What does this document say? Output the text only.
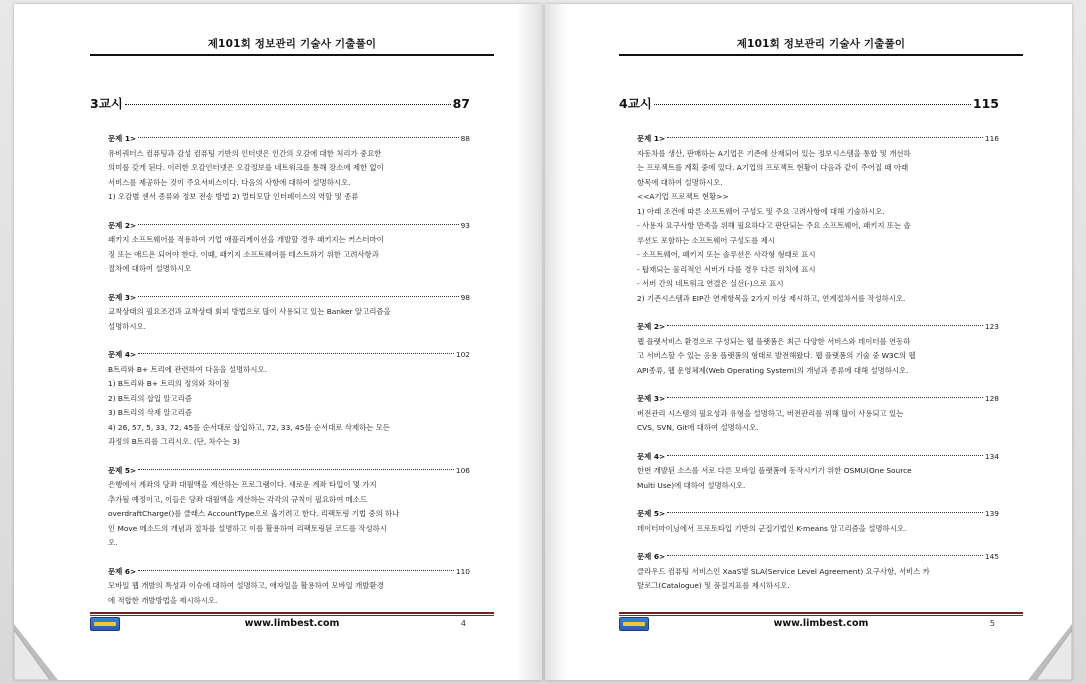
제101회 정보관리 기술사 기출풀이
3교시	87
문제 1>	88
유비쿼터스 컴퓨팅과 감성 컴퓨팅 기반의 인터넷은 인간의 오감에 대한 처리가 중요한
의미를 갖게 된다. 이러한 오감인터넷은 오감정보를 네트워크를 통해 장소에 제한 없이
서비스를 제공하는 것이 주요서비스이다. 다음의 사항에 대하여 설명하시오.
1) 오감별 센서 종류와 정보 전송 방법 2) 멀티모달 인터페이스의 역할 및 종류
문제 2>	93
패키지 소프트웨어를 적용하여 기업 애플리케이션을 개발할 경우 패키지는 커스터마이
징 또는 애드온 되어야 한다. 이때, 패키지 소프트웨어를 테스트하기 위한 고려사항과
절차에 대하여 설명하시오
문제 3>	98
교착상태의 필요조건과 교착상태 회피 방법으로 많이 사용되고 있는 Banker 알고리즘을
설명하시오.
문제 4>	102
B트리와 B+ 트리에 관련하여 다음을 설명하시오.
1) B트리와 B+ 트리의 정의와 차이점
2) B트리의 삽입 알고리즘
3) B트리의 삭제 알고리즘
4) 26, 57, 5, 33, 72, 45를 순서대로 삽입하고, 72, 33, 45를 순서대로 삭제하는 모든
과정의 B트리를 그리시오. (단, 차수는 3)
문제 5>	106
은행에서 계좌의 당좌 대월액을 계산하는 프로그램이다. 새로운 계좌 타입이 몇 가지
추가될 예정이고, 이들은 당좌 대월액을 계산하는 각각의 규칙이 필요하여 메소드
overdraftCharge()를 클래스 AccountType으로 옮기려고 한다. 리팩토링 기법 중의 하나
인 Move 메소드의 개념과 절차를 설명하고 이를 활용하여 리팩토링된 코드를 작성하시
오.
문제 6>	110
모바일 웹 개발의 특성과 이슈에 대하여 설명하고, 애자일을 활용하여 모바일 개발환경
에 적합한 개발방법을 제시하시오.
www.limbest.com	4
제101회 정보관리 기술사 기출풀이
4교시	115
문제 1>	116
자동차를 생산, 판매하는 A기업은 기존에 산재되어 있는 정보시스템을 통합 및 개선하
는 프로젝트를 계획 중에 있다. A기업의 프로젝트 현황이 다음과 같이 주어질 때 아래
항목에 대하여 설명하시오.
<<A기업 프로젝트 현황>>
1) 아래 조건에 따른 소프트웨어 구성도 및 주요 고려사항에 대해 기술하시오.
- 사용자 요구사항 만족을 위해 필요하다고 판단되는 주요 소프트웨어, 패키지 또는 솔
루션도 포함하는 소프트웨어 구성도를 제시
- 소프트웨어, 패키지 또는 솔루션은 사각형 형태로 표시
- 탑재되는 물리적인 서버가 다를 경우 다른 위치에 표시
- 서버 간의 네트워크 연결은 실선(-)으로 표시
2) 기존시스템과 EIP간 연계항목을 2가지 이상 제시하고, 연계절차서를 작성하시오.
문제 2>	123
웹 플랫서비스 환경으로 구성되는 웹 플랫폼은 최근 다양한 서비스와 데이터를 연동하
고 서비스할 수 있는 응용 플랫폼의 형태로 발전해왔다. 웹 플랫폼의 기술 중 W3C의 웹
API종류, 웹 운영체제(Web Operating System)의 개념과 종류에 대해 설명하시오.
문제 3>	128
버전관리 시스템의 필요성과 유형을 설명하고, 버전관리를 위해 많이 사용되고 있는
CVS, SVN, Git에 대하여 설명하시오.
문제 4>	134
한번 개발된 소스를 서로 다른 모바일 플랫폼에 동작시키기 위한 OSMU(One Source
Multi Use)에 대하여 설명하시오.
문제 5>	139
데이터마이닝에서 프로토타입 기반의 군집기법인 K-means 알고리즘을 설명하시오.
문제 6>	145
클라우드 컴퓨팅 서비스인 XaaS별 SLA(Service Level Agreement) 요구사항, 서비스 카
탈로그(Catalogue) 및 품질지표를 제시하시오.
www.limbest.com	5
